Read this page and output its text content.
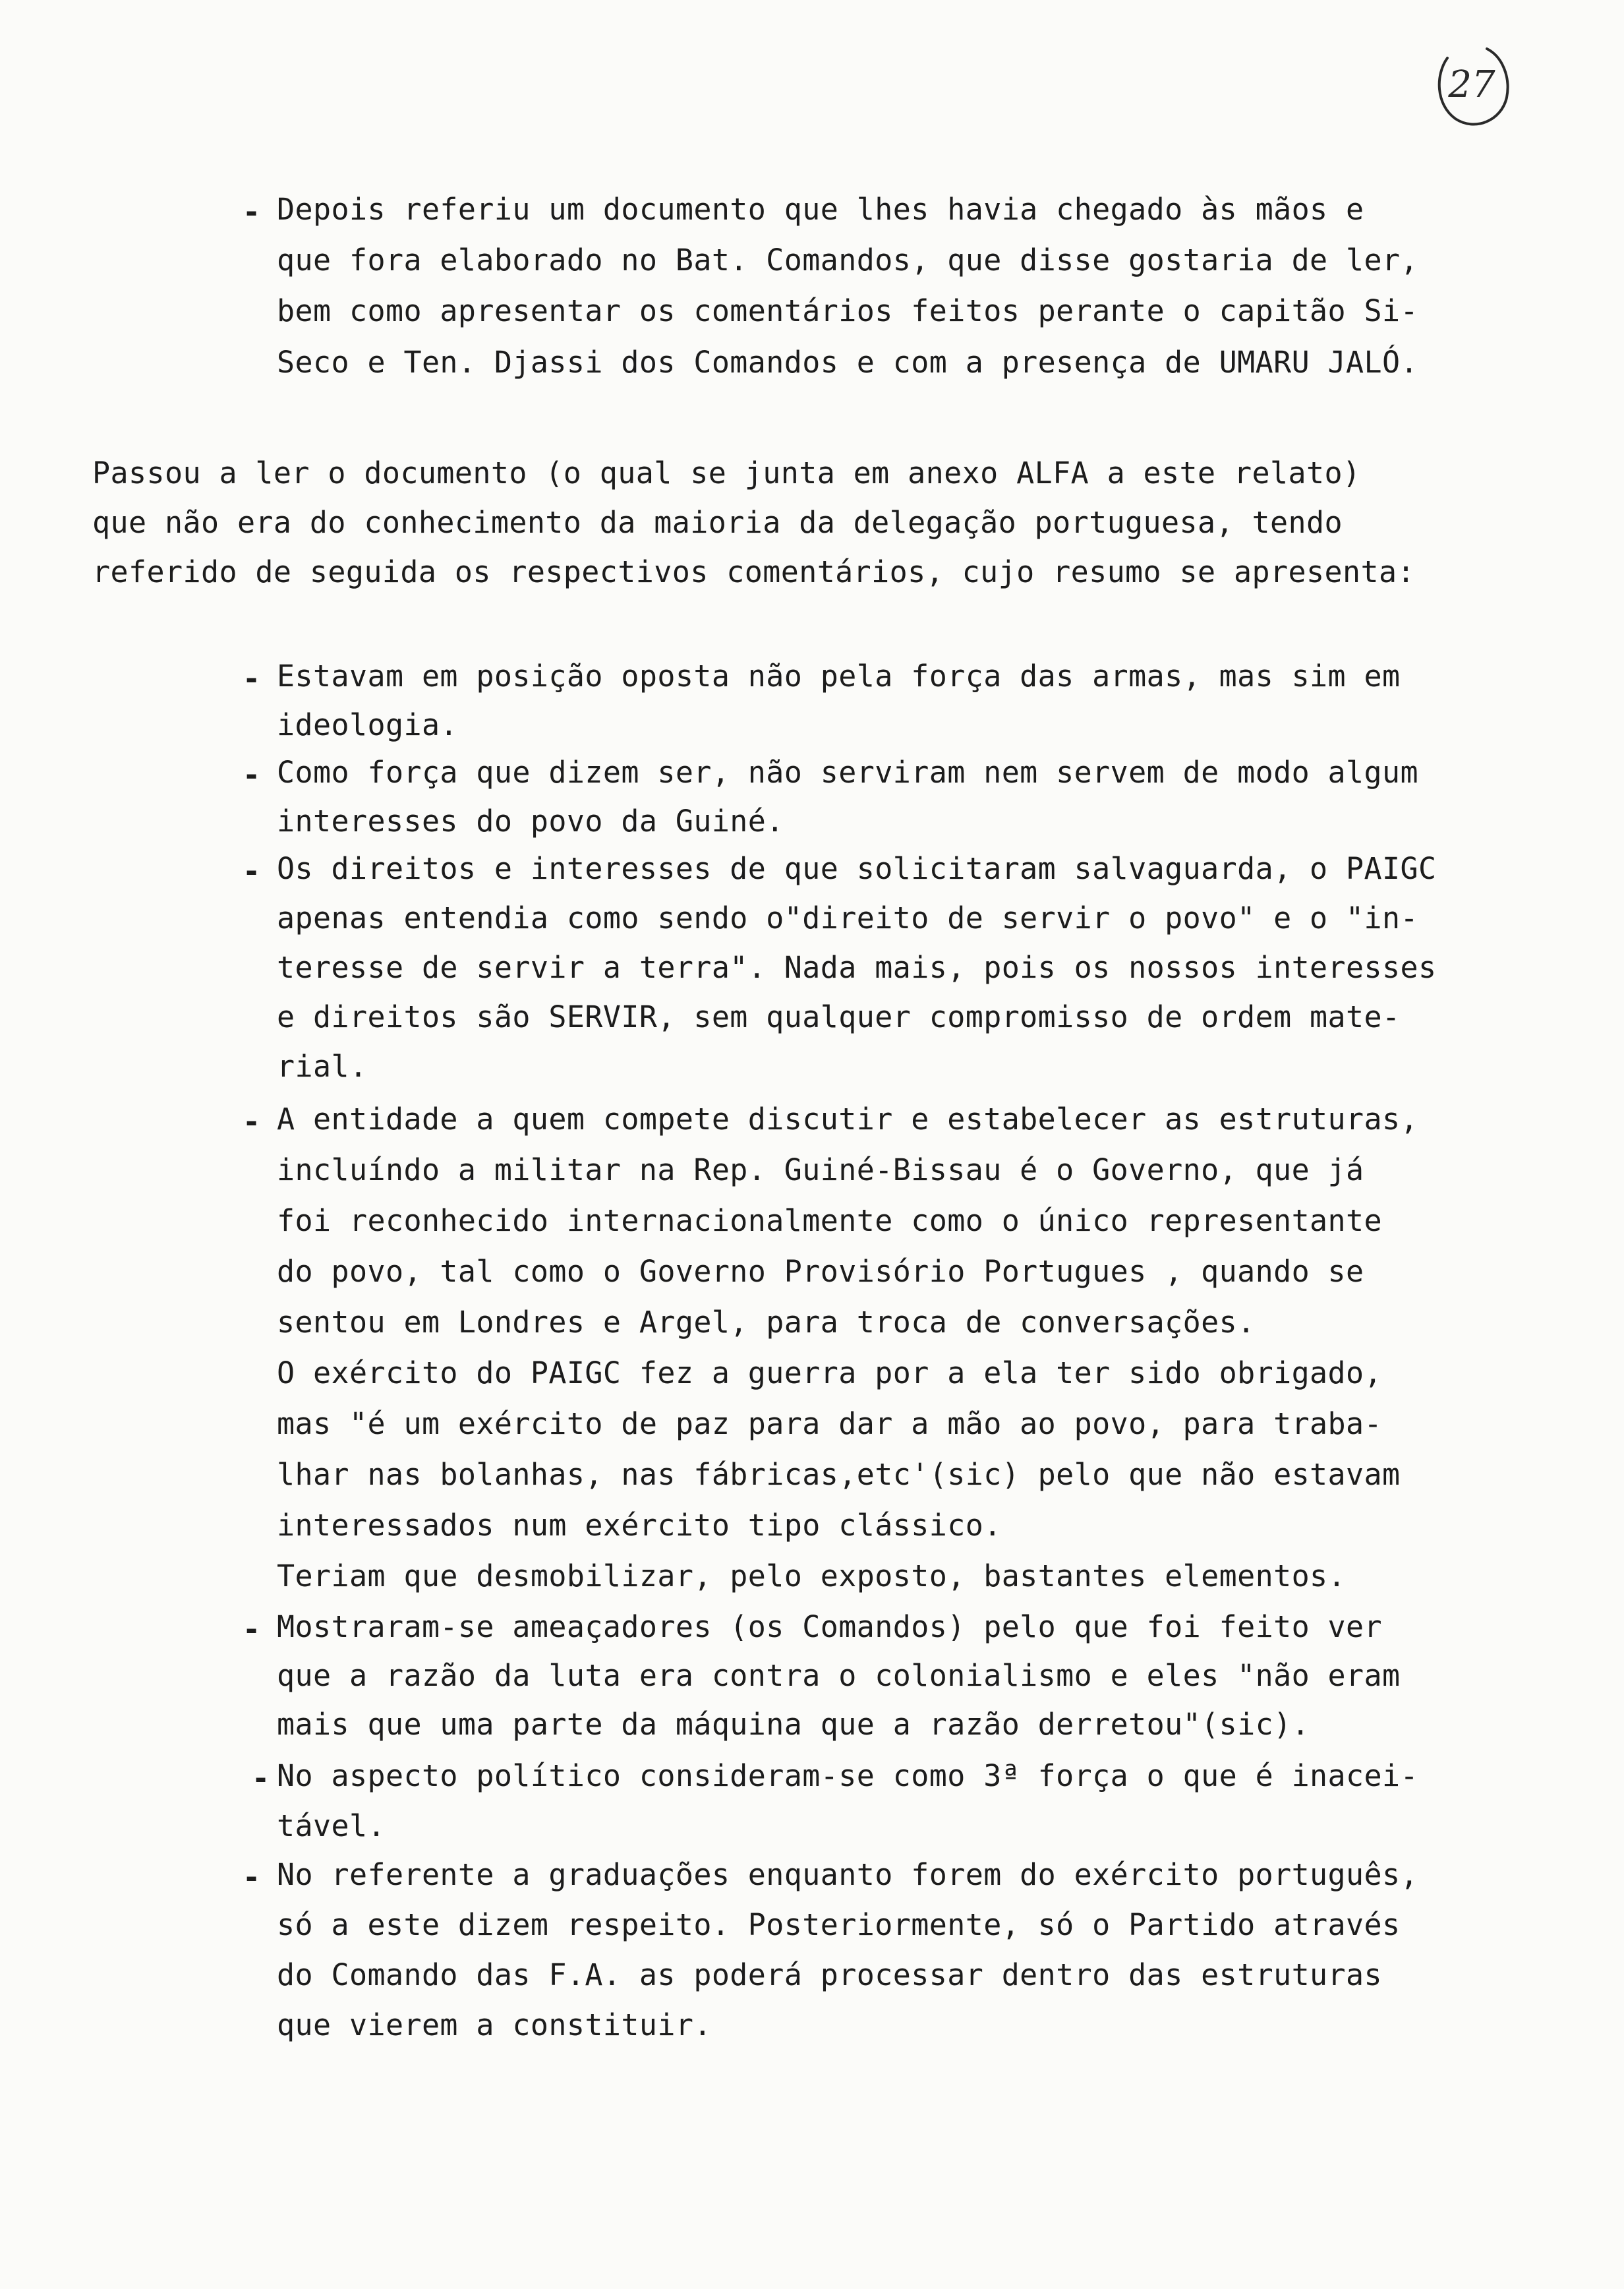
27
- Depois referiu um documento que lhes havia chegado às mãos e
que fora elaborado no Bat. Comandos, que disse gostaria de ler,
bem como apresentar os comentários feitos perante o capitão Si-
Seco e Ten. Djassi dos Comandos e com a presença de UMARU JALÓ.
Passou a ler o documento (o qual se junta em anexo ALFA a este relato)
que não era do conhecimento da maioria da delegação portuguesa, tendo
referido de seguida os respectivos comentários, cujo resumo se apresenta:
- Estavam em posição oposta não pela força das armas, mas sim em
ideologia.
- Como força que dizem ser, não serviram nem servem de modo algum
interesses do povo da Guiné.
- Os direitos e interesses de que solicitaram salvaguarda, o PAIGC
apenas entendia como sendo o"direito de servir o povo" e o "in-
teresse de servir a terra". Nada mais, pois os nossos interesses
e direitos são SERVIR, sem qualquer compromisso de ordem mate-
rial.
- A entidade a quem compete discutir e estabelecer as estruturas,
incluíndo a militar na Rep. Guiné-Bissau é o Governo, que já
foi reconhecido internacionalmente como o único representante
do povo, tal como o Governo Provisório Portugues , quando se
sentou em Londres e Argel, para troca de conversações.
O exército do PAIGC fez a guerra por a ela ter sido obrigado,
mas "é um exército de paz para dar a mão ao povo, para traba-
lhar nas bolanhas, nas fábricas,etc'(sic) pelo que não estavam
interessados num exército tipo clássico.
Teriam que desmobilizar, pelo exposto, bastantes elementos.
- Mostraram-se ameaçadores (os Comandos) pelo que foi feito ver
que a razão da luta era contra o colonialismo e eles "não eram
mais que uma parte da máquina que a razão derretou"(sic).
- No aspecto político consideram-se como 3ª força o que é inacei-
tável.
- No referente a graduações enquanto forem do exército português,
só a este dizem respeito. Posteriormente, só o Partido através
do Comando das F.A. as poderá processar dentro das estruturas
que vierem a constituir.
